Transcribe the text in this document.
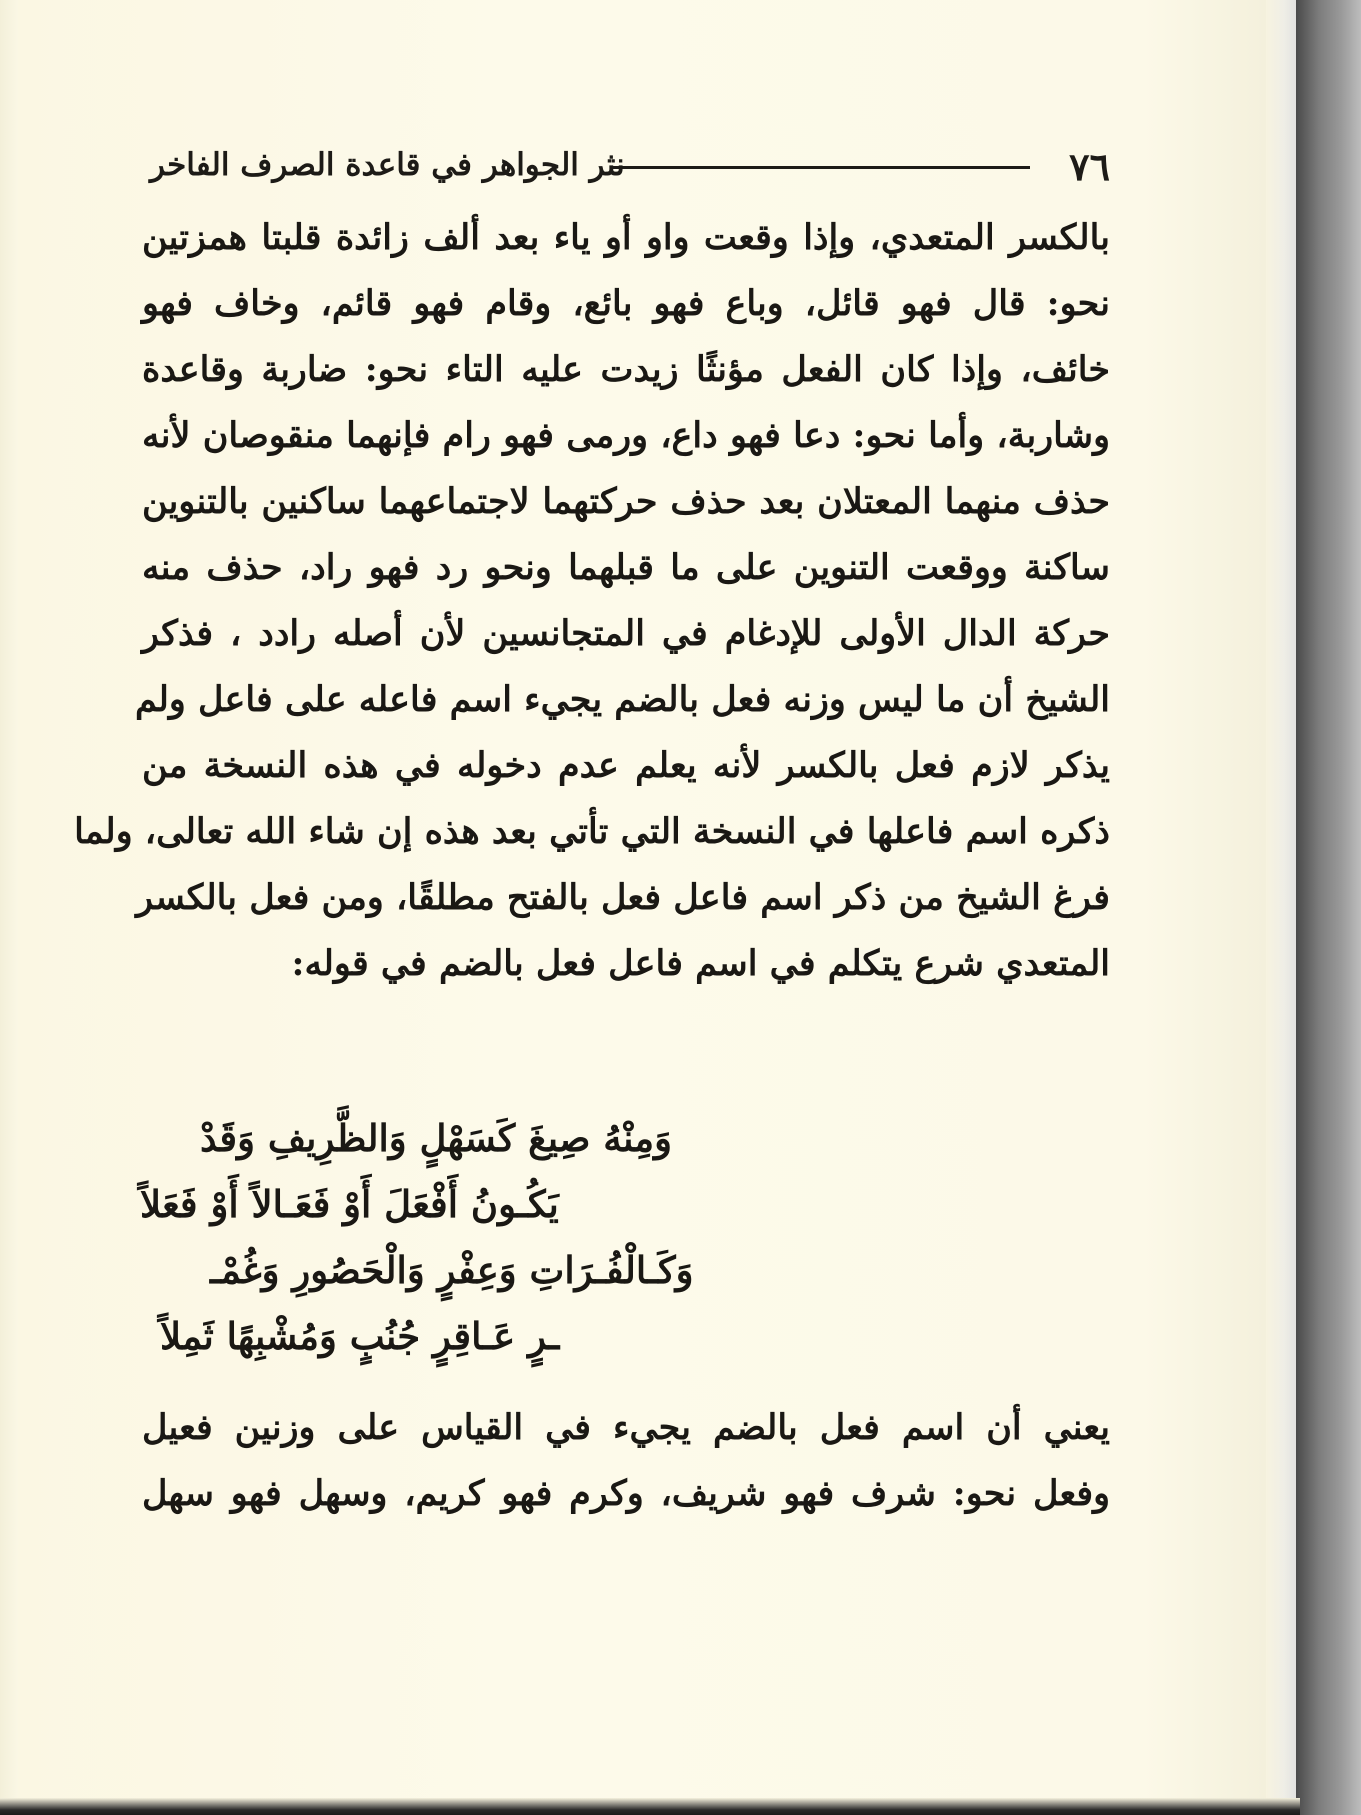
٧٦
نثر الجواهر في قاعدة الصرف الفاخر
بالكسر المتعدي، وإذا وقعت واو أو ياء بعد ألف زائدة قلبتا همزتين
نحو: قال فهو قائل، وباع فهو بائع، وقام فهو قائم، وخاف فهو
خائف، وإذا كان الفعل مؤنثًا زيدت عليه التاء نحو: ضاربة وقاعدة
وشاربة، وأما نحو: دعا فهو داع، ورمى فهو رام فإنهما منقوصان لأنه
حذف منهما المعتلان بعد حذف حركتهما لاجتماعهما ساكنين بالتنوين
ساكنة ووقعت التنوين على ما قبلهما ونحو رد فهو راد، حذف منه
حركة الدال الأولى للإدغام في المتجانسين لأن أصله رادد ، فذكر
الشيخ أن ما ليس وزنه فعل بالضم يجيء اسم فاعله على فاعل ولم
يذكر لازم فعل بالكسر لأنه يعلم عدم دخوله في هذه النسخة من
ذكره اسم فاعلها في النسخة التي تأتي بعد هذه إن شاء الله تعالى، ولما
فرغ الشيخ من ذكر اسم فاعل فعل بالفتح مطلقًا، ومن فعل بالكسر
المتعدي شرع يتكلم في اسم فاعل فعل بالضم في قوله:
وَمِنْهُ صِيغَ كَسَهْلٍ وَالظَّرِيفِ وَقَدْ
يَكُـونُ أَفْعَلَ أَوْ فَعَـالاً أَوْ فَعَلاً
وَكَـالْفُـرَاتِ وَعِفْرٍ وَالْحَصُورِ وَغُمْـ
ـرٍ عَـاقِرٍ جُنُبٍ وَمُشْبِهًا ثَمِلاً
يعني أن اسم فعل بالضم يجيء في القياس على وزنين فعيل
وفعل نحو: شرف فهو شريف، وكرم فهو كريم، وسهل فهو سهل
